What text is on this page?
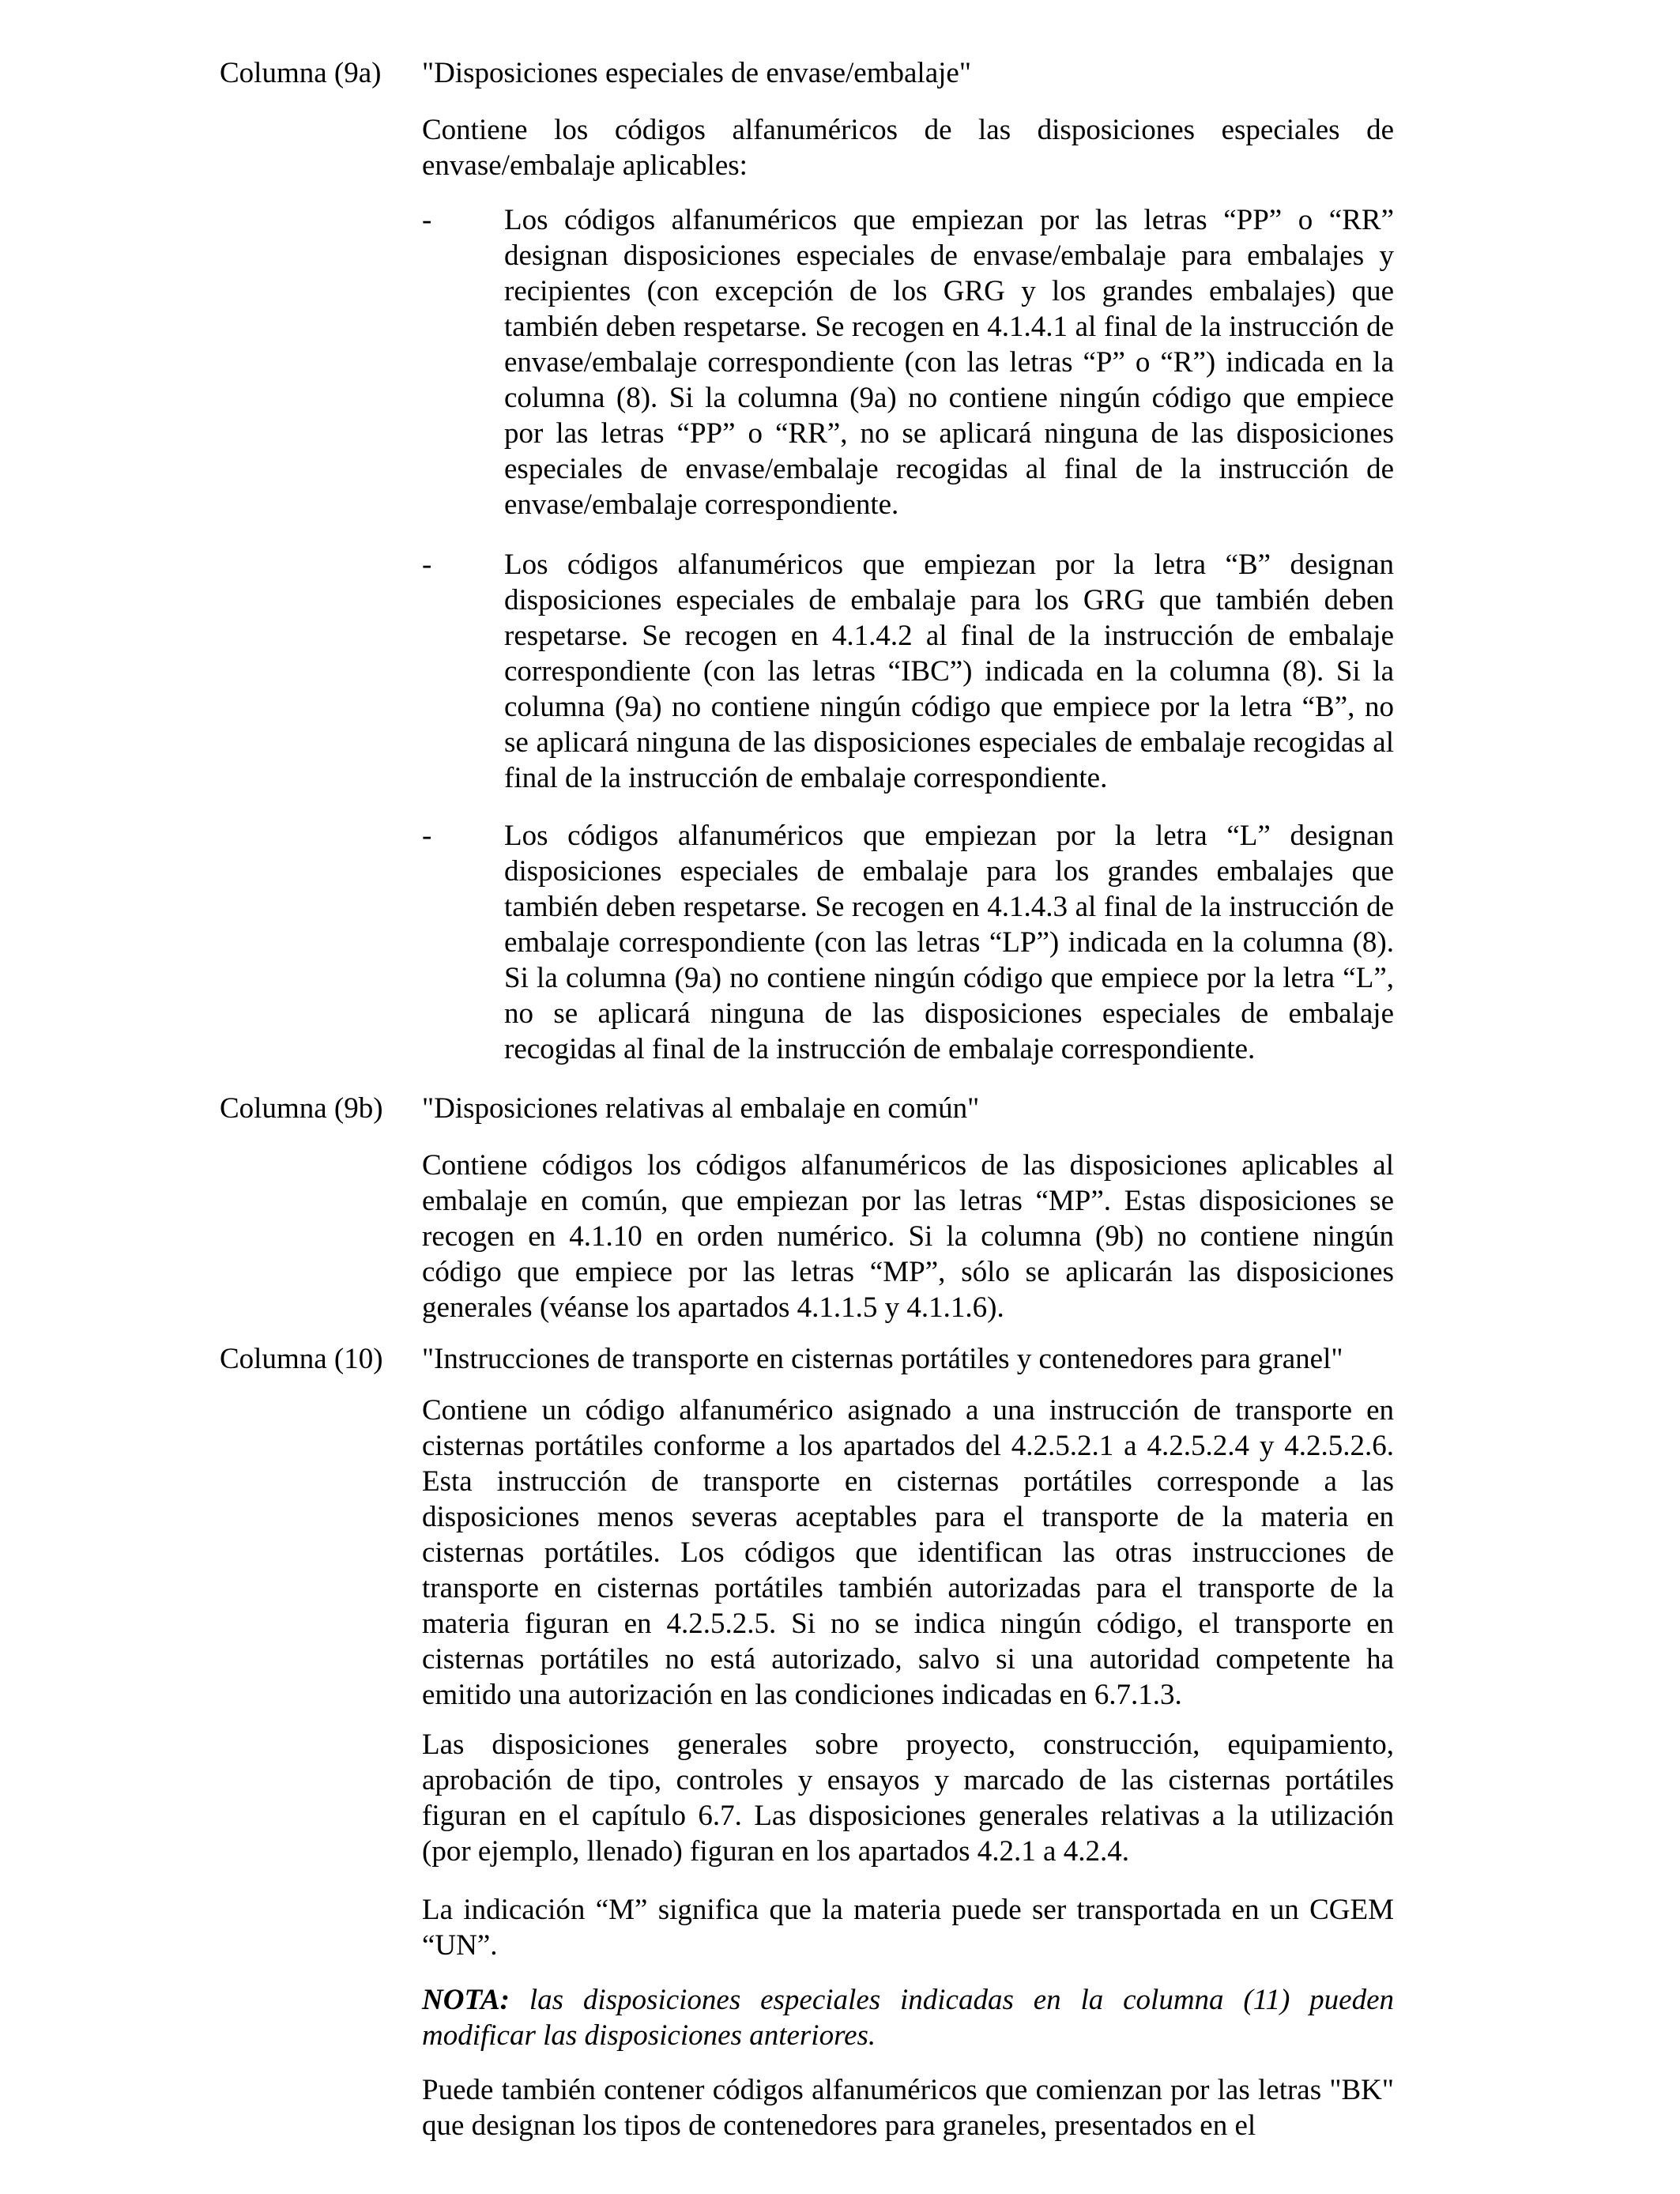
Columna (9a) "Disposiciones especiales de envase/embalaje"

Contiene los códigos alfanuméricos de las disposiciones especiales de envase/embalaje aplicables:

- Los códigos alfanuméricos que empiezan por las letras “PP” o “RR” designan disposiciones especiales de envase/embalaje para embalajes y recipientes (con excepción de los GRG y los grandes embalajes) que también deben respetarse. Se recogen en 4.1.4.1 al final de la instrucción de envase/embalaje correspondiente (con las letras “P” o “R”) indicada en la columna (8). Si la columna (9a) no contiene ningún código que empiece por las letras “PP” o “RR”, no se aplicará ninguna de las disposiciones especiales de envase/embalaje recogidas al final de la instrucción de envase/embalaje correspondiente.

- Los códigos alfanuméricos que empiezan por la letra “B” designan disposiciones especiales de embalaje para los GRG que también deben respetarse. Se recogen en 4.1.4.2 al final de la instrucción de embalaje correspondiente (con las letras “IBC”) indicada en la columna (8). Si la columna (9a) no contiene ningún código que empiece por la letra “B”, no se aplicará ninguna de las disposiciones especiales de embalaje recogidas al final de la instrucción de embalaje correspondiente.

- Los códigos alfanuméricos que empiezan por la letra “L” designan disposiciones especiales de embalaje para los grandes embalajes que también deben respetarse. Se recogen en 4.1.4.3 al final de la instrucción de embalaje correspondiente (con las letras “LP”) indicada en la columna (8). Si la columna (9a) no contiene ningún código que empiece por la letra “L”, no se aplicará ninguna de las disposiciones especiales de embalaje recogidas al final de la instrucción de embalaje correspondiente.

Columna (9b) "Disposiciones relativas al embalaje en común"

Contiene códigos los códigos alfanuméricos de las disposiciones aplicables al embalaje en común, que empiezan por las letras “MP”. Estas disposiciones se recogen en 4.1.10 en orden numérico. Si la columna (9b) no contiene ningún código que empiece por las letras “MP”, sólo se aplicarán las disposiciones generales (véanse los apartados 4.1.1.5 y 4.1.1.6).

Columna (10) "Instrucciones de transporte en cisternas portátiles y contenedores para granel"

Contiene un código alfanumérico asignado a una instrucción de transporte en cisternas portátiles conforme a los apartados del 4.2.5.2.1 a 4.2.5.2.4 y 4.2.5.2.6. Esta instrucción de transporte en cisternas portátiles corresponde a las disposiciones menos severas aceptables para el transporte de la materia en cisternas portátiles. Los códigos que identifican las otras instrucciones de transporte en cisternas portátiles también autorizadas para el transporte de la materia figuran en 4.2.5.2.5. Si no se indica ningún código, el transporte en cisternas portátiles no está autorizado, salvo si una autoridad competente ha emitido una autorización en las condiciones indicadas en 6.7.1.3.

Las disposiciones generales sobre proyecto, construcción, equipamiento, aprobación de tipo, controles y ensayos y marcado de las cisternas portátiles figuran en el capítulo 6.7. Las disposiciones generales relativas a la utilización (por ejemplo, llenado) figuran en los apartados 4.2.1 a 4.2.4.

La indicación “M” significa que la materia puede ser transportada en un CGEM “UN”.

NOTA: las disposiciones especiales indicadas en la columna (11) pueden modificar las disposiciones anteriores.

Puede también contener códigos alfanuméricos que comienzan por las letras "BK" que designan los tipos de contenedores para graneles, presentados en el
